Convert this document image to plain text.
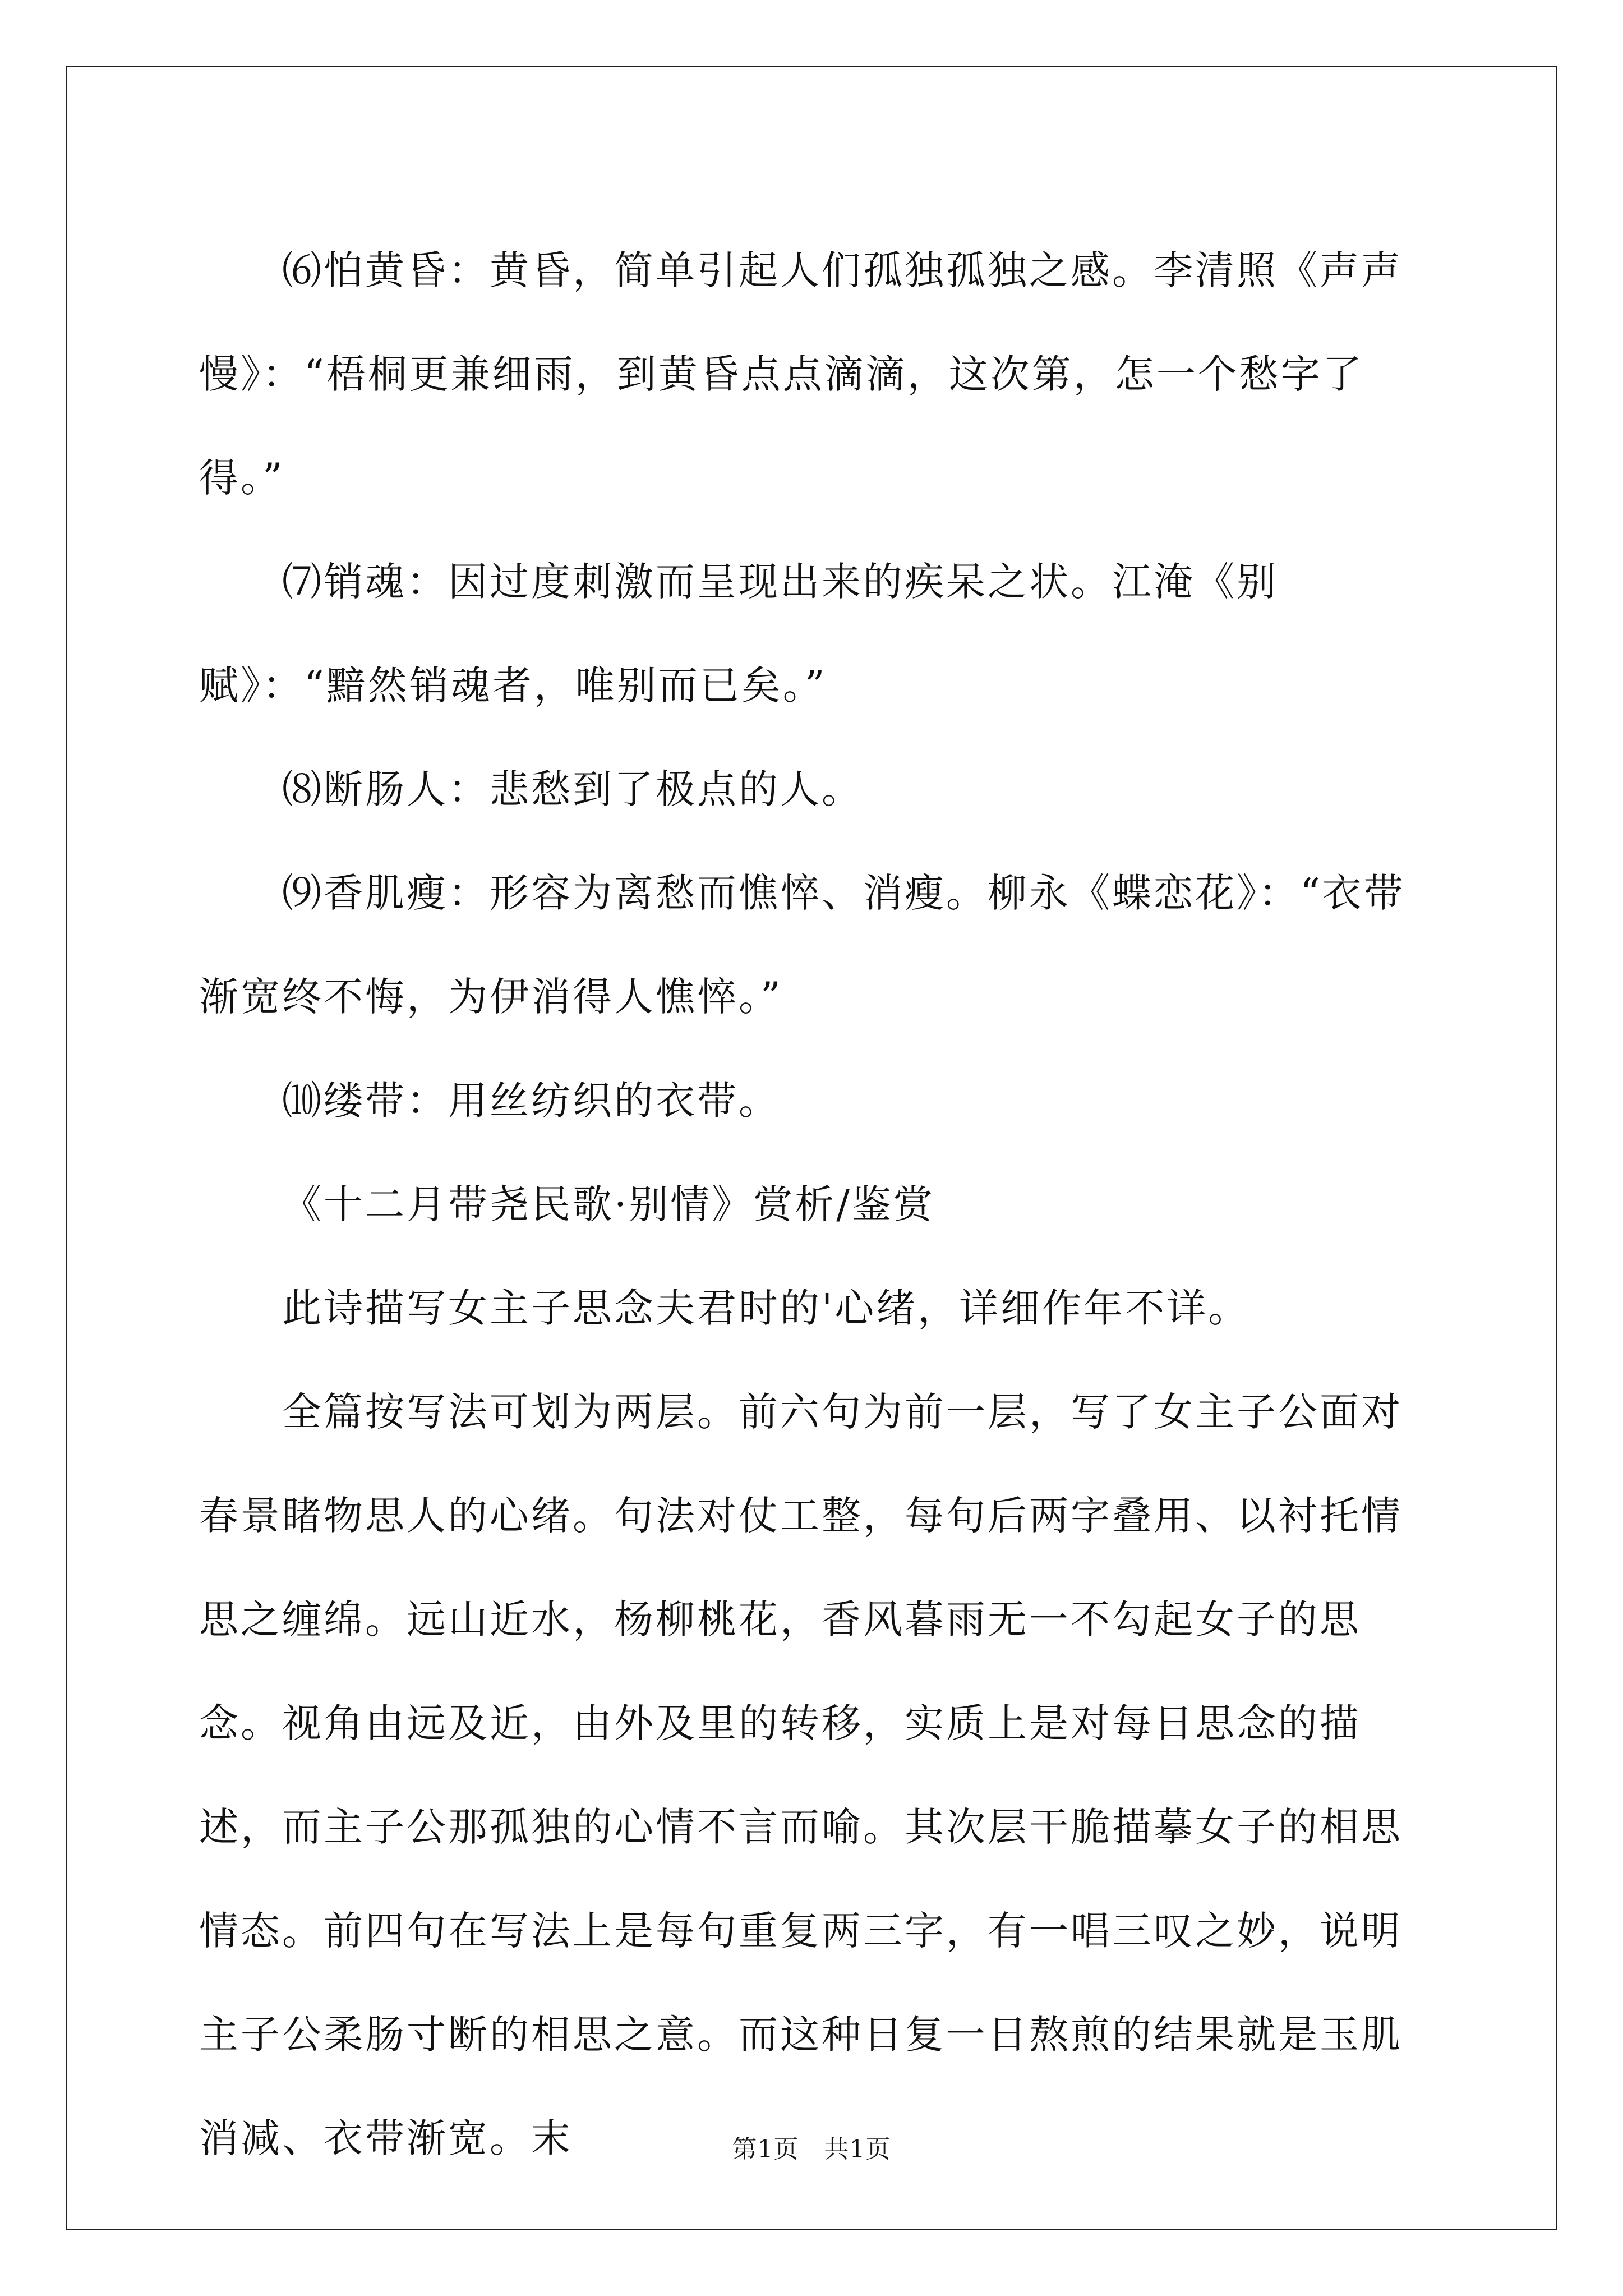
⑹怕黄昏：黄昏，简单引起人们孤独孤独之感。李清照《声声慢》：“梧桐更兼细雨，到黄昏点点滴滴，这次第，怎一个愁字了得。”

⑺销魂：因过度刺激而呈现出来的疾呆之状。江淹《别赋》：“黯然销魂者，唯别而已矣。”

⑻断肠人：悲愁到了极点的人。

⑼香肌瘦：形容为离愁而憔悴、消瘦。柳永《蝶恋花》：“衣带渐宽终不悔，为伊消得人憔悴。”

⑽缕带：用丝纺织的衣带。

《十二月带尧民歌·别情》赏析/鉴赏

此诗描写女主子思念夫君时的'心绪，详细作年不详。

全篇按写法可划为两层。前六句为前一层，写了女主子公面对春景睹物思人的心绪。句法对仗工整，每句后两字叠用、以衬托情思之缠绵。远山近水，杨柳桃花，香风暮雨无一不勾起女子的思念。视角由远及近，由外及里的转移，实质上是对每日思念的描述，而主子公那孤独的心情不言而喻。其次层干脆描摹女子的相思情态。前四句在写法上是每句重复两三字，有一唱三叹之妙，说明主子公柔肠寸断的相思之意。而这种日复一日熬煎的结果就是玉肌消减、衣带渐宽。末	第1页　共1页
